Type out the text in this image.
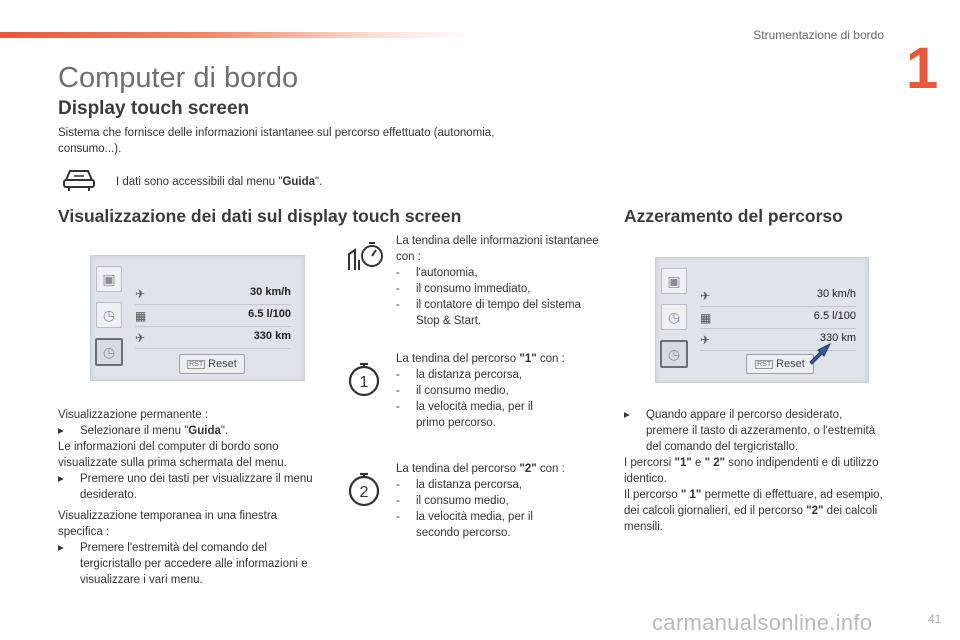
Strumentazione di bordo
1
Computer di bordo
Display touch screen
Sistema che fornisce delle informazioni istantanee sul percorso effettuato (autonomia, consumo...).
I dati sono accessibili dal menu "Guida".
Visualizzazione dei dati sul display touch screen
▣
◷
◷
✈	30 km/h
▦	6.5 l/100
✈	330 km
RST Reset
Visualizzazione permanente :
▸ Selezionare il menu "Guida".
Le informazioni del computer di bordo sono visualizzate sulla prima schermata del menu.
▸ Premere uno dei tasti per visualizzare il menu desiderato.
Visualizzazione temporanea in una finestra specifica :
▸ Premere l'estremità del comando del tergicristallo per accedere alle informazioni e visualizzare i vari menu.
La tendina delle informazioni istantanee con :
- l'autonomia,
- il consumo immediato,
- il contatore di tempo del sistema Stop & Start.
1
La tendina del percorso "1" con :
- la distanza percorsa,
- il consumo medio,
- la velocità media, per il primo percorso.
2
La tendina del percorso "2" con :
- la distanza percorsa,
- il consumo medio,
- la velocità media, per il secondo percorso.
Azzeramento del percorso
▣
◷
◷
✈	30 km/h
▦	6.5 l/100
✈	330 km
RST Reset
▸ Quando appare il percorso desiderato, premere il tasto di azzeramento, o l'estremità del comando del tergicristallo.
I percorsi "1" e " 2" sono indipendenti e di utilizzo identico.
Il percorso " 1" permette di effettuare, ad esempio, dei calcoli giornalieri, ed il percorso "2" dei calcoli mensili.
carmanualsonline.info	41
